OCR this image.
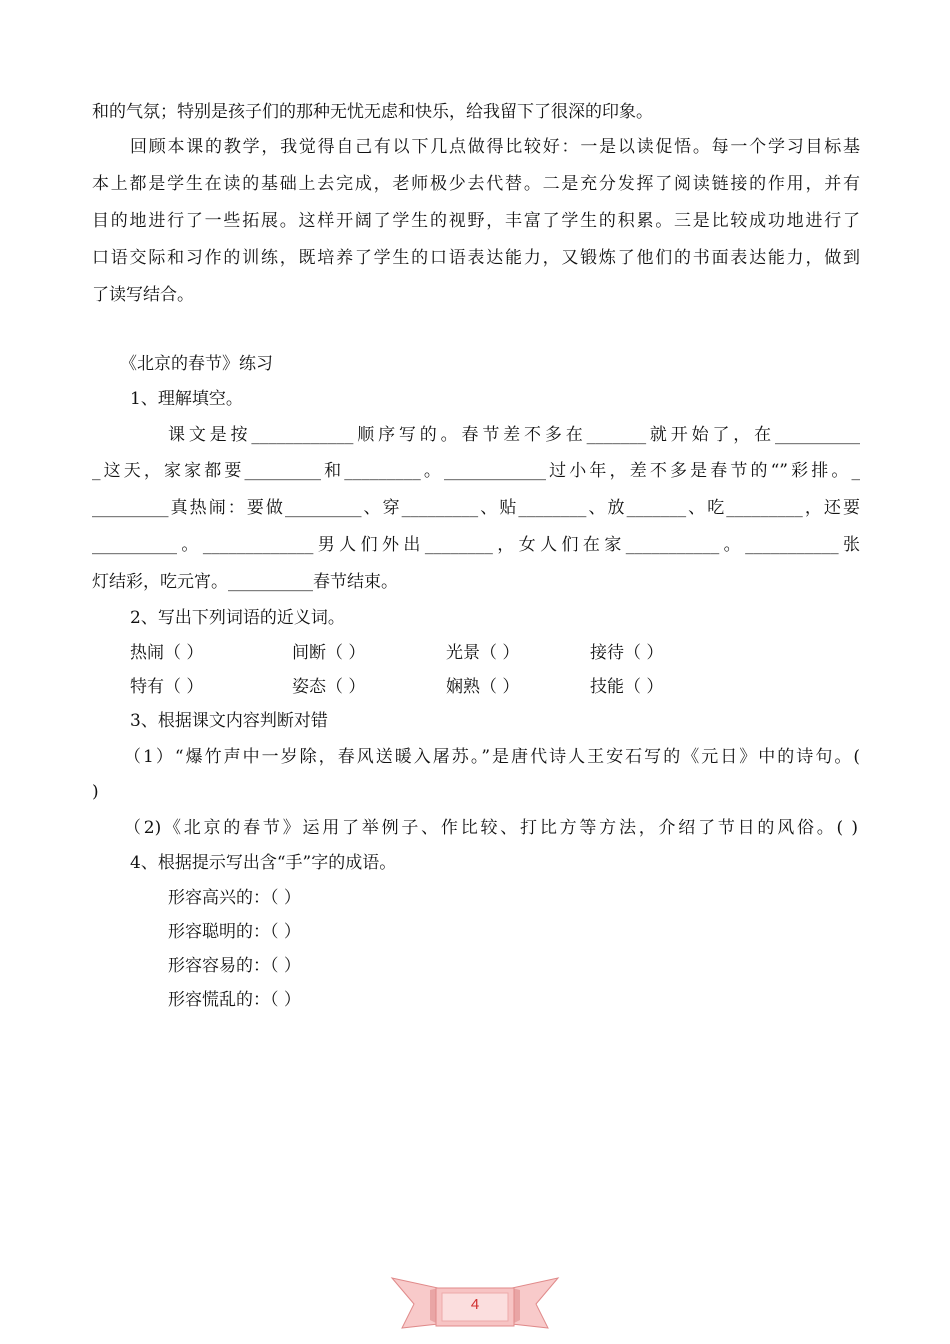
和的气氛；特别是孩子们的那种无忧无虑和快乐，给我留下了很深的印象。
回顾本课的教学，我觉得自己有以下几点做得比较好：一是以读促悟。每一个学习目标基
本上都是学生在读的基础上去完成，老师极少去代替。二是充分发挥了阅读链接的作用，并有
目的地进行了一些拓展。这样开阔了学生的视野，丰富了学生的积累。三是比较成功地进行了
口语交际和习作的训练，既培养了学生的口语表达能力，又锻炼了他们的书面表达能力，做到
了读写结合。
《北京的春节》练习
1、理解填空。
课文是按____________顺序写的。春节差不多在_______就开始了，在__________
_这天，家家都要_________和_________。____________过小年，差不多是春节的“”彩排。_
_________真热闹：要做_________、穿_________、贴________、放_______、吃_________，还要
__________。_____________男人们外出________，女人们在家___________。___________张
灯结彩，吃元宵。__________春节结束。
2、写出下列词语的近义词。
热闹（ ）	间断（ ）	光景（ ）	接待（ ）
特有（ ）	姿态（ ）	娴熟（ ）	技能（ ）
3、根据课文内容判断对错
（1）“爆竹声中一岁除，春风送暖入屠苏。”是唐代诗人王安石写的《元日》中的诗句。(
)
（2)《北京的春节》运用了举例子、作比较、打比方等方法，介绍了节日的风俗。( )
4、根据提示写出含“手”字的成语。
形容高兴的：（ ）
形容聪明的：（ ）
形容容易的：（ ）
形容慌乱的：（ ）
4
